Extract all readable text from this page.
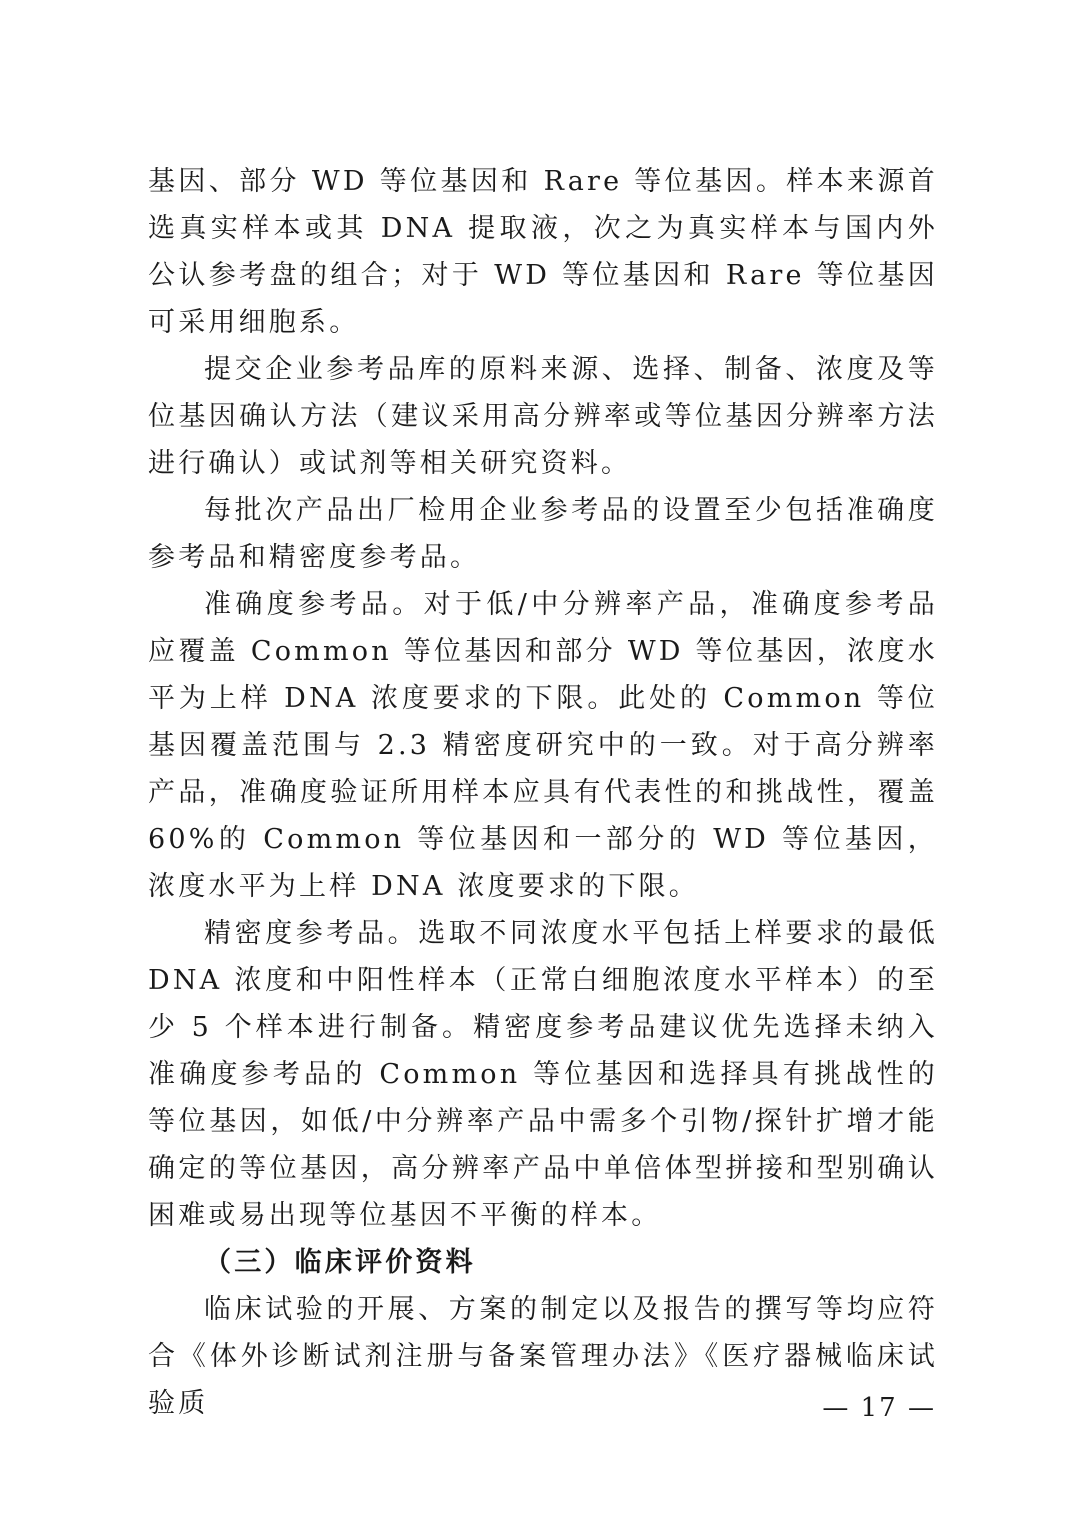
基因、部分 WD 等位基因和 Rare 等位基因。样本来源首选真实样本或其 DNA 提取液，次之为真实样本与国内外公认参考盘的组合；对于 WD 等位基因和 Rare 等位基因可采用细胞系。

提交企业参考品库的原料来源、选择、制备、浓度及等位基因确认方法（建议采用高分辨率或等位基因分辨率方法进行确认）或试剂等相关研究资料。

每批次产品出厂检用企业参考品的设置至少包括准确度参考品和精密度参考品。

准确度参考品。对于低/中分辨率产品，准确度参考品应覆盖 Common 等位基因和部分 WD 等位基因，浓度水平为上样 DNA 浓度要求的下限。此处的 Common 等位基因覆盖范围与 2.3 精密度研究中的一致。对于高分辨率产品，准确度验证所用样本应具有代表性的和挑战性，覆盖 60%的 Common 等位基因和一部分的 WD 等位基因，浓度水平为上样 DNA 浓度要求的下限。

精密度参考品。选取不同浓度水平包括上样要求的最低 DNA 浓度和中阳性样本（正常白细胞浓度水平样本）的至少 5 个样本进行制备。精密度参考品建议优先选择未纳入准确度参考品的 Common 等位基因和选择具有挑战性的等位基因，如低/中分辨率产品中需多个引物/探针扩增才能确定的等位基因，高分辨率产品中单倍体型拼接和型别确认困难或易出现等位基因不平衡的样本。

（三）临床评价资料

临床试验的开展、方案的制定以及报告的撰写等均应符合《体外诊断试剂注册与备案管理办法》《医疗器械临床试验质	— 17 —
